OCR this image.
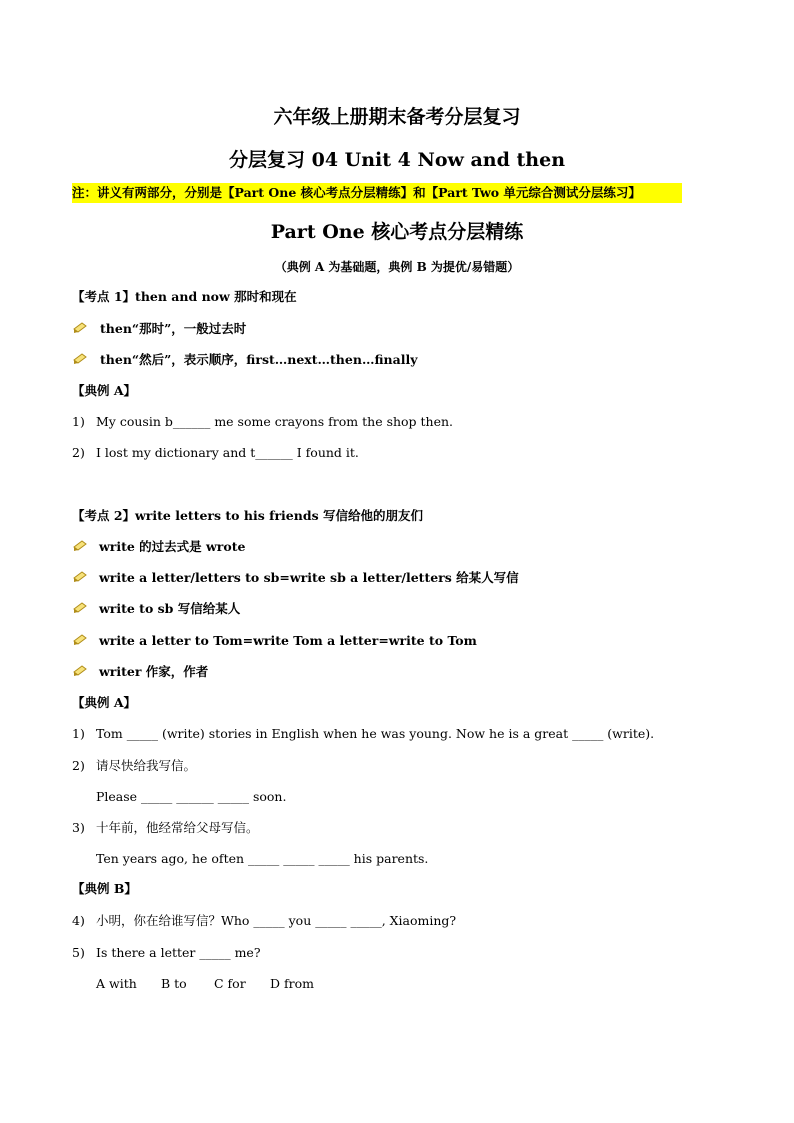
六年级上册期末备考分层复习
分层复习 04 Unit 4 Now and then
注：讲义有两部分，分别是【Part One 核心考点分层精练】和【Part Two 单元综合测试分层练习】
Part One 核心考点分层精练
（典例 A 为基础题，典例 B 为提优/易错题）
【考点 1】then and now 那时和现在
then“那时”，一般过去时
then“然后”，表示顺序，first…next…then…finally
【典例 A】
1) My cousin b______ me some crayons from the shop then.
2) I lost my dictionary and t______ I found it.
【考点 2】write letters to his friends 写信给他的朋友们
write 的过去式是 wrote
write a letter/letters to sb=write sb a letter/letters 给某人写信
write to sb 写信给某人
write a letter to Tom=write Tom a letter=write to Tom
writer 作家，作者
【典例 A】
1) Tom _____ (write) stories in English when he was young. Now he is a great _____ (write).
2) 请尽快给我写信。
Please _____ ______ _____ soon.
3) 十年前，他经常给父母写信。
Ten years ago, he often _____ _____ _____ his parents.
【典例 B】
4) 小明，你在给谁写信？Who _____ you _____ _____, Xiaoming?
5) Is there a letter _____ me?
A with B to C for D from
